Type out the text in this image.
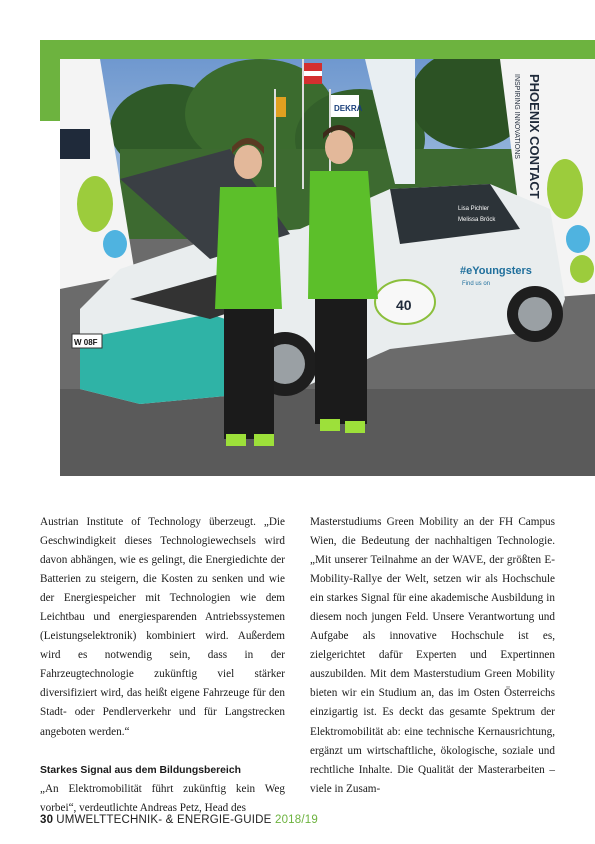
DEKRA	PHOENIX CONTACT
INSPIRING INNOVATIONS
W 08F
40
#eYoungsters
Find us on
Lisa Pichler
Melissa Bröck

Austrian Institute of Technology überzeugt. „Die Geschwindigkeit dieses Technologiewechsels wird davon abhängen, wie es gelingt, die Energiedichte der Batterien zu steigern, die Kosten zu senken und wie der Energiespeicher mit Technologien wie dem Leichtbau und energiesparenden Antriebssystemen (Leistungselektronik) kombiniert wird. Außerdem wird es notwendig sein, dass in der Fahrzeugtechnologie zukünftig viel stärker diversifiziert wird, das heißt eigene Fahrzeuge für den Stadt- oder Pendlerverkehr und für Langstrecken angeboten werden.“

Starkes Signal aus dem Bildungsbereich

„An Elektromobilität führt zukünftig kein Weg vorbei“, verdeutlichte Andreas Petz, Head des

Masterstudiums Green Mobility an der FH Campus Wien, die Bedeutung der nachhaltigen Technologie. „Mit unserer Teilnahme an der WAVE, der größten E-Mobility-Rallye der Welt, setzen wir als Hochschule ein starkes Signal für eine akademische Ausbildung in diesem noch jungen Feld. Unsere Verantwortung und Aufgabe als innovative Hochschule ist es, zielgerichtet dafür Experten und Expertinnen auszubilden. Mit dem Masterstudium Green Mobility bieten wir ein Studium an, das im Osten Österreichs einzigartig ist. Es deckt das gesamte Spektrum der Elektromobilität ab: eine technische Kernausrichtung, ergänzt um wirtschaftliche, ökologische, soziale und rechtliche Inhalte. Die Qualität der Masterarbeiten – viele in Zusam-

30 UMWELTTECHNIK- & ENERGIE-GUIDE 2018/19
